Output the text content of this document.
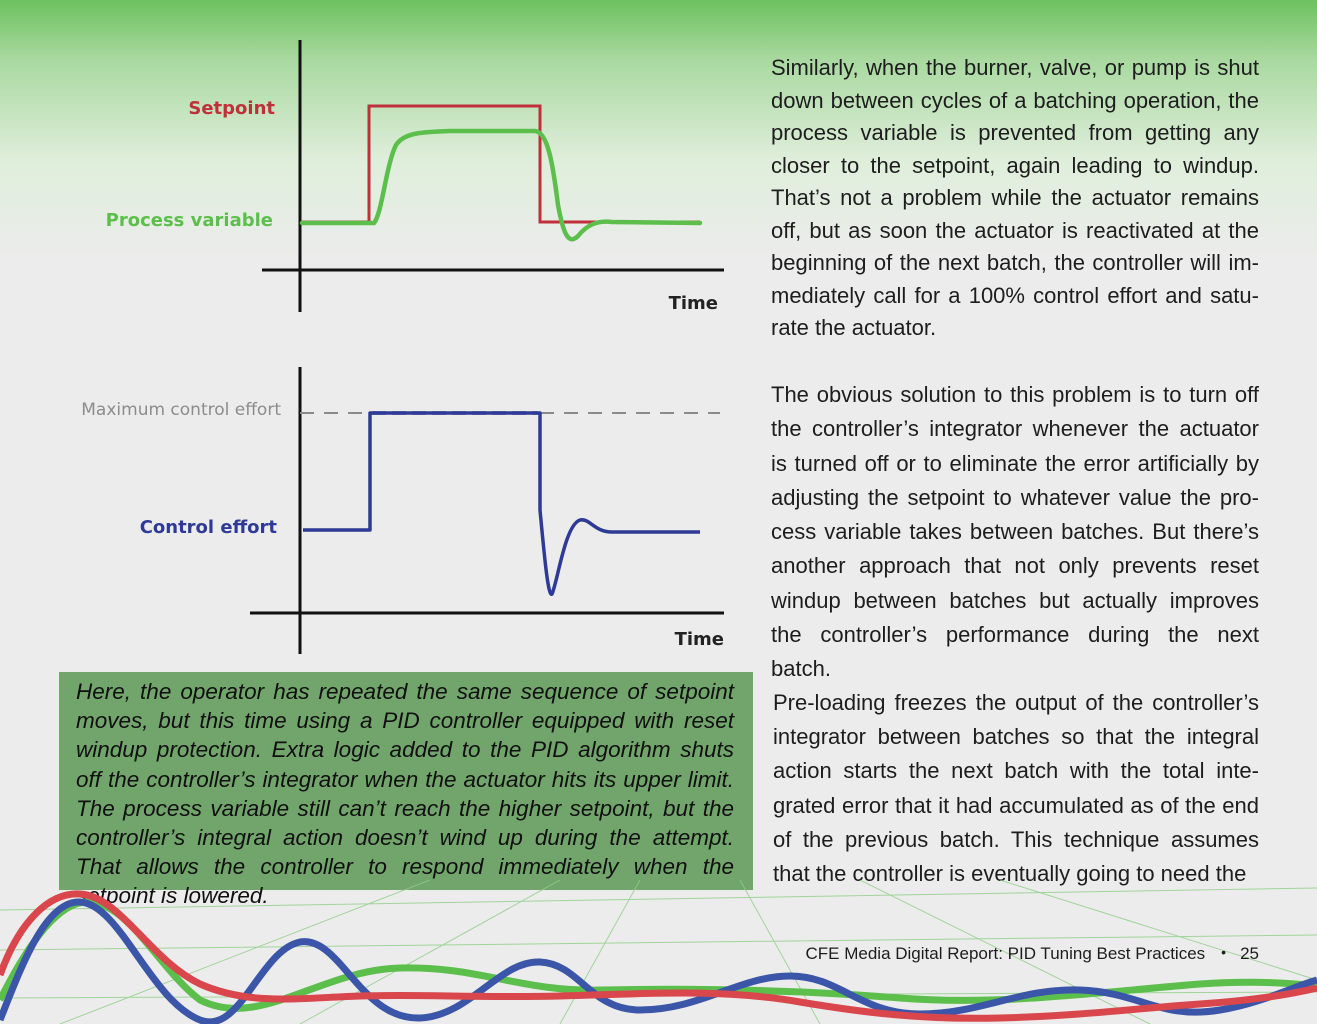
Setpoint
Process variable
Time
Maximum control effort
Control effort
Time

Similarly, when the burner, valve, or pump is shut down between cycles of a batching operation, the process variable is prevented from getting any closer to the setpoint, again leading to windup. That’s not a problem while the actuator remains off, but as soon the actuator is reactivated at the beginning of the next batch, the controller will immediately call for a 100% control effort and saturate the actuator.

The obvious solution to this problem is to turn off the controller’s integrator whenever the actuator is turned off or to eliminate the error artificially by adjusting the setpoint to whatever value the process variable takes between batches. But there’s another approach that not only prevents reset windup between batches but actually improves the controller’s performance during the next batch.

Pre-loading freezes the output of the controller’s integrator between batches so that the integral action starts the next batch with the total integrated error that it had accumulated as of the end of the previous batch. This technique assumes that the controller is eventually going to need the

Here, the operator has repeated the same sequence of setpoint moves, but this time using a PID controller equipped with reset windup protection. Extra logic added to the PID algorithm shuts off the controller’s integrator when the actuator hits its upper limit. The process variable still can’t reach the higher setpoint, but the controller’s integral action doesn’t wind up during the attempt. That allows the controller to respond immediately when the setpoint is lowered.

CFE Media Digital Report: PID Tuning Best Practices • 25
